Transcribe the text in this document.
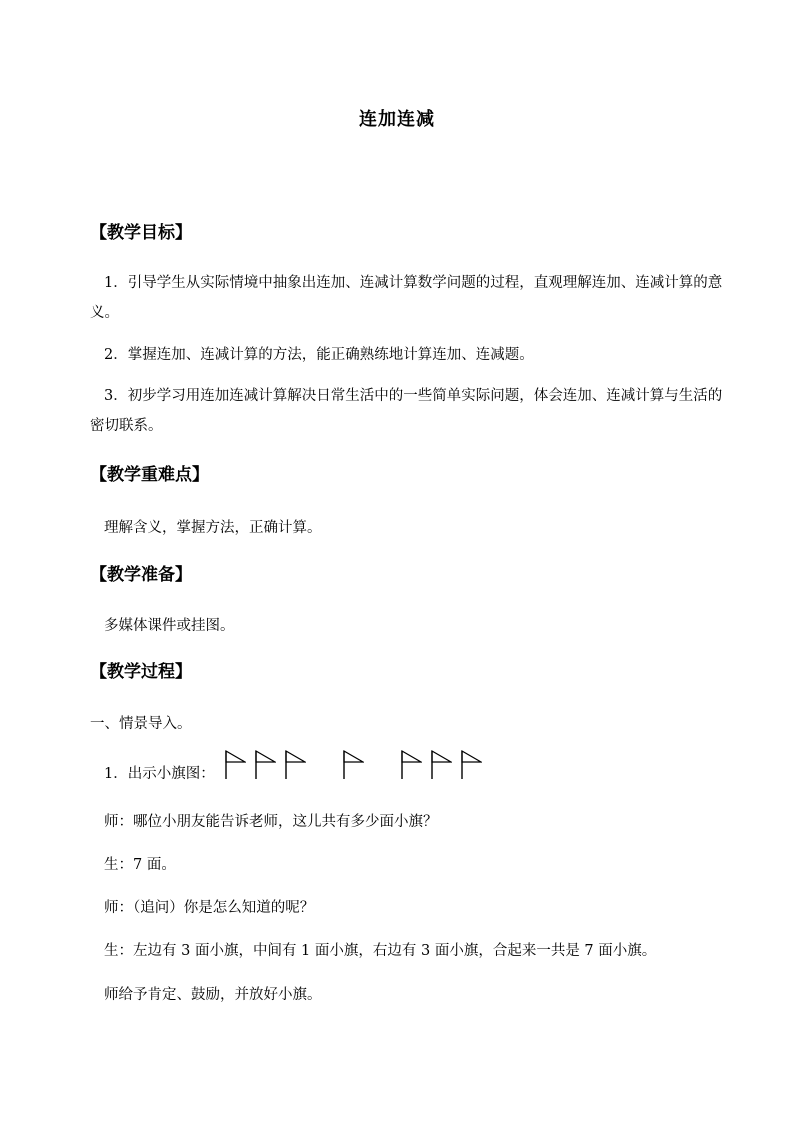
连加连减
【教学目标】
1．引导学生从实际情境中抽象出连加、连减计算数学问题的过程，直观理解连加、连减计算的意义。
2．掌握连加、连减计算的方法，能正确熟练地计算连加、连减题。
3．初步学习用连加连减计算解决日常生活中的一些简单实际问题，体会连加、连减计算与生活的密切联系。
【教学重难点】
理解含义，掌握方法，正确计算。
【教学准备】
多媒体课件或挂图。
【教学过程】
一、情景导入。
1．出示小旗图：
师：哪位小朋友能告诉老师，这儿共有多少面小旗？
生：7 面。
师：（追问）你是怎么知道的呢？
生：左边有 3 面小旗，中间有 1 面小旗，右边有 3 面小旗，合起来一共是 7 面小旗。
师给予肯定、鼓励，并放好小旗。
